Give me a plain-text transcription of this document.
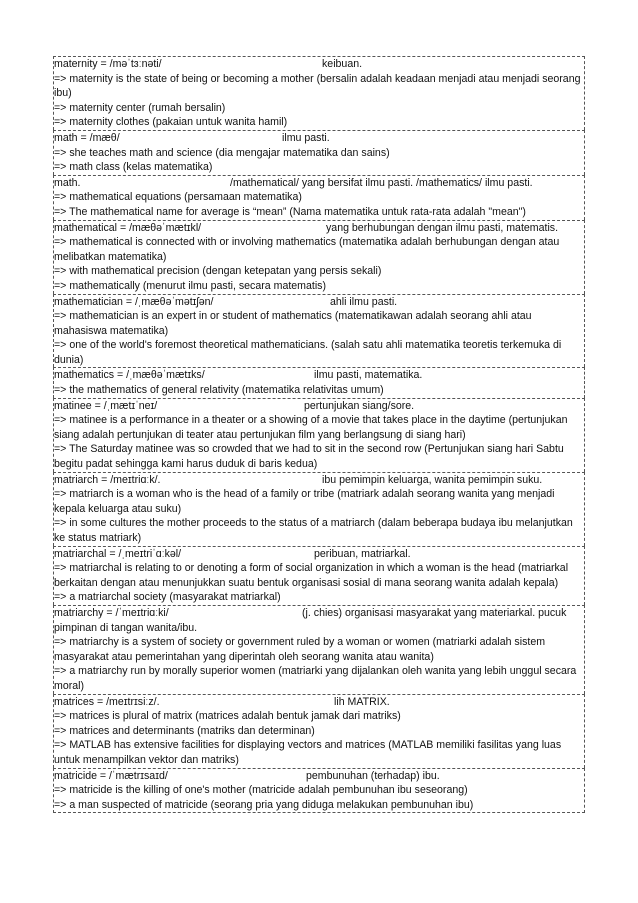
maternity = /məˈtɜːnəti/	keibuan.
=> maternity is the state of being or becoming a mother (bersalin adalah keadaan menjadi atau menjadi seorang ibu)
=> maternity center (rumah bersalin)
=> maternity clothes (pakaian untuk wanita hamil)
math = /mæθ/	ilmu pasti.
=> she teaches math and science (dia mengajar matematika dan sains)
=> math class (kelas matematika)
math.	/mathematical/ yang bersifat ilmu pasti. /mathematics/ ilmu pasti.
=> mathematical equations (persamaan matematika)
=> The mathematical name for average is “mean” (Nama matematika untuk rata-rata adalah "mean")
mathematical = /mæθəˈmætɪkl/	yang berhubungan dengan ilmu pasti, matematis.
=> mathematical is connected with or involving mathematics (matematika adalah berhubungan dengan atau melibatkan matematika)
=> with mathematical precision (dengan ketepatan yang persis sekali)
=> mathematically (menurut ilmu pasti, secara matematis)
mathematician = /ˌmæθəˈmətɪʃən/	ahli ilmu pasti.
=> mathematician is an expert in or student of mathematics (matematikawan adalah seorang ahli atau mahasiswa matematika)
=> one of the world's foremost theoretical mathematicians. (salah satu ahli matematika teoretis terkemuka di dunia)
mathematics = /ˌmæθəˈmætɪks/	ilmu pasti, matematika.
=> the mathematics of general relativity (matematika relativitas umum)
matinee = /ˌmætɪˈneɪ/	pertunjukan siang/sore.
=> matinee is a performance in a theater or a showing of a movie that takes place in the daytime (pertunjukan siang adalah pertunjukan di teater atau pertunjukan film yang berlangsung di siang hari)
=> The Saturday matinee was so crowded that we had to sit in the second row (Pertunjukan siang hari Sabtu begitu padat sehingga kami harus duduk di baris kedua)
matriarch = /meɪtriɑːk/.	ibu pemimpin keluarga, wanita pemimpin suku.
=> matriarch is a woman who is the head of a family or tribe (matriark adalah seorang wanita yang menjadi kepala keluarga atau suku)
=> in some cultures the mother proceeds to the status of a matriarch (dalam beberapa budaya ibu melanjutkan ke status matriark)
matriarchal = /ˌmeɪtriˈɑːkəl/	peribuan, matriarkal.
=> matriarchal is relating to or denoting a form of social organization in which a woman is the head (matriarkal berkaitan dengan atau menunjukkan suatu bentuk organisasi sosial di mana seorang wanita adalah kepala)
=> a matriarchal society (masyarakat matriarkal)
matriarchy = /ˈmeɪtriɑːki/	(j. chies) organisasi masyarakat yang materiarkal. pucuk pimpinan di tangan wanita/ibu.
=> matriarchy is a system of society or government ruled by a woman or women (matriarki adalah sistem masyarakat atau pemerintahan yang diperintah oleh seorang wanita atau wanita)
=> a matriarchy run by morally superior women (matriarki yang dijalankan oleh wanita yang lebih unggul secara moral)
matrices = /meɪtrɪsiːz/.	lih MATRIX.
=> matrices is plural of matrix (matrices adalah bentuk jamak dari matriks)
=> matrices and determinants (matriks dan determinan)
=> MATLAB has extensive facilities for displaying vectors and matrices (MATLAB memiliki fasilitas yang luas untuk menampilkan vektor dan matriks)
matricide = /ˈmætrɪsaɪd/	pembunuhan (terhadap) ibu.
=> matricide is the killing of one's mother (matricide adalah pembunuhan ibu seseorang)
=> a man suspected of matricide (seorang pria yang diduga melakukan pembunuhan ibu)
